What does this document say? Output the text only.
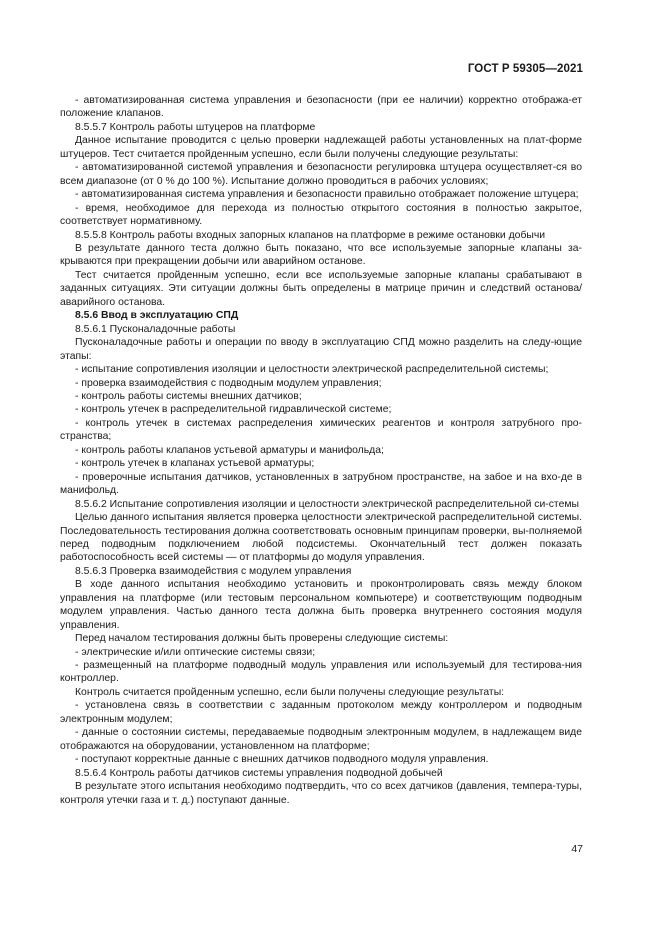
ГОСТ Р 59305—2021

- автоматизированная система управления и безопасности (при ее наличии) корректно отобража-ет положение клапанов.

8.5.5.7 Контроль работы штуцеров на платформе

Данное испытание проводится с целью проверки надлежащей работы установленных на плат-форме штуцеров. Тест считается пройденным успешно, если были получены следующие результаты:

- автоматизированной системой управления и безопасности регулировка штуцера осуществляет-ся во всем диапазоне (от 0 % до 100 %). Испытание должно проводиться в рабочих условиях;

- автоматизированная система управления и безопасности правильно отображает положение штуцера;

- время, необходимое для перехода из полностью открытого состояния в полностью закрытое, соответствует нормативному.

8.5.5.8 Контроль работы входных запорных клапанов на платформе в режиме остановки добычи

В результате данного теста должно быть показано, что все используемые запорные клапаны за-крываются при прекращении добычи или аварийном останове.

Тест считается пройденным успешно, если все используемые запорные клапаны срабатывают в заданных ситуациях. Эти ситуации должны быть определены в матрице причин и следствий останова/ аварийного останова.

8.5.6 Ввод в эксплуатацию СПД

8.5.6.1 Пусконаладочные работы

Пусконаладочные работы и операции по вводу в эксплуатацию СПД можно разделить на следу-ющие этапы:

- испытание сопротивления изоляции и целостности электрической распределительной системы;

- проверка взаимодействия с подводным модулем управления;

- контроль работы системы внешних датчиков;

- контроль утечек в распределительной гидравлической системе;

- контроль утечек в системах распределения химических реагентов и контроля затрубного про-странства;

- контроль работы клапанов устьевой арматуры и манифольда;

- контроль утечек в клапанах устьевой арматуры;

- проверочные испытания датчиков, установленных в затрубном пространстве, на забое и на вхо-де в манифольд.

8.5.6.2 Испытание сопротивления изоляции и целостности электрической распределительной си-стемы

Целью данного испытания является проверка целостности электрической распределительной системы. Последовательность тестирования должна соответствовать основным принципам проверки, вы-полняемой перед подводным подключением любой подсистемы. Окончательный тест должен показать работоспособность всей системы — от платформы до модуля управления.

8.5.6.3 Проверка взаимодействия с модулем управления

В ходе данного испытания необходимо установить и проконтролировать связь между блоком управления на платформе (или тестовым персональном компьютере) и соответствующим подводным модулем управления. Частью данного теста должна быть проверка внутреннего состояния модуля управления.

Перед началом тестирования должны быть проверены следующие системы:

- электрические и/или оптические системы связи;

- размещенный на платформе подводный модуль управления или используемый для тестирова-ния контроллер.

Контроль считается пройденным успешно, если были получены следующие результаты:

- установлена связь в соответствии с заданным протоколом между контроллером и подводным электронным модулем;

- данные о состоянии системы, передаваемые подводным электронным модулем, в надлежащем виде отображаются на оборудовании, установленном на платформе;

- поступают корректные данные с внешних датчиков подводного модуля управления.

8.5.6.4 Контроль работы датчиков системы управления подводной добычей

В результате этого испытания необходимо подтвердить, что со всех датчиков (давления, темпера-туры, контроля утечки газа и т. д.) поступают данные.

47
